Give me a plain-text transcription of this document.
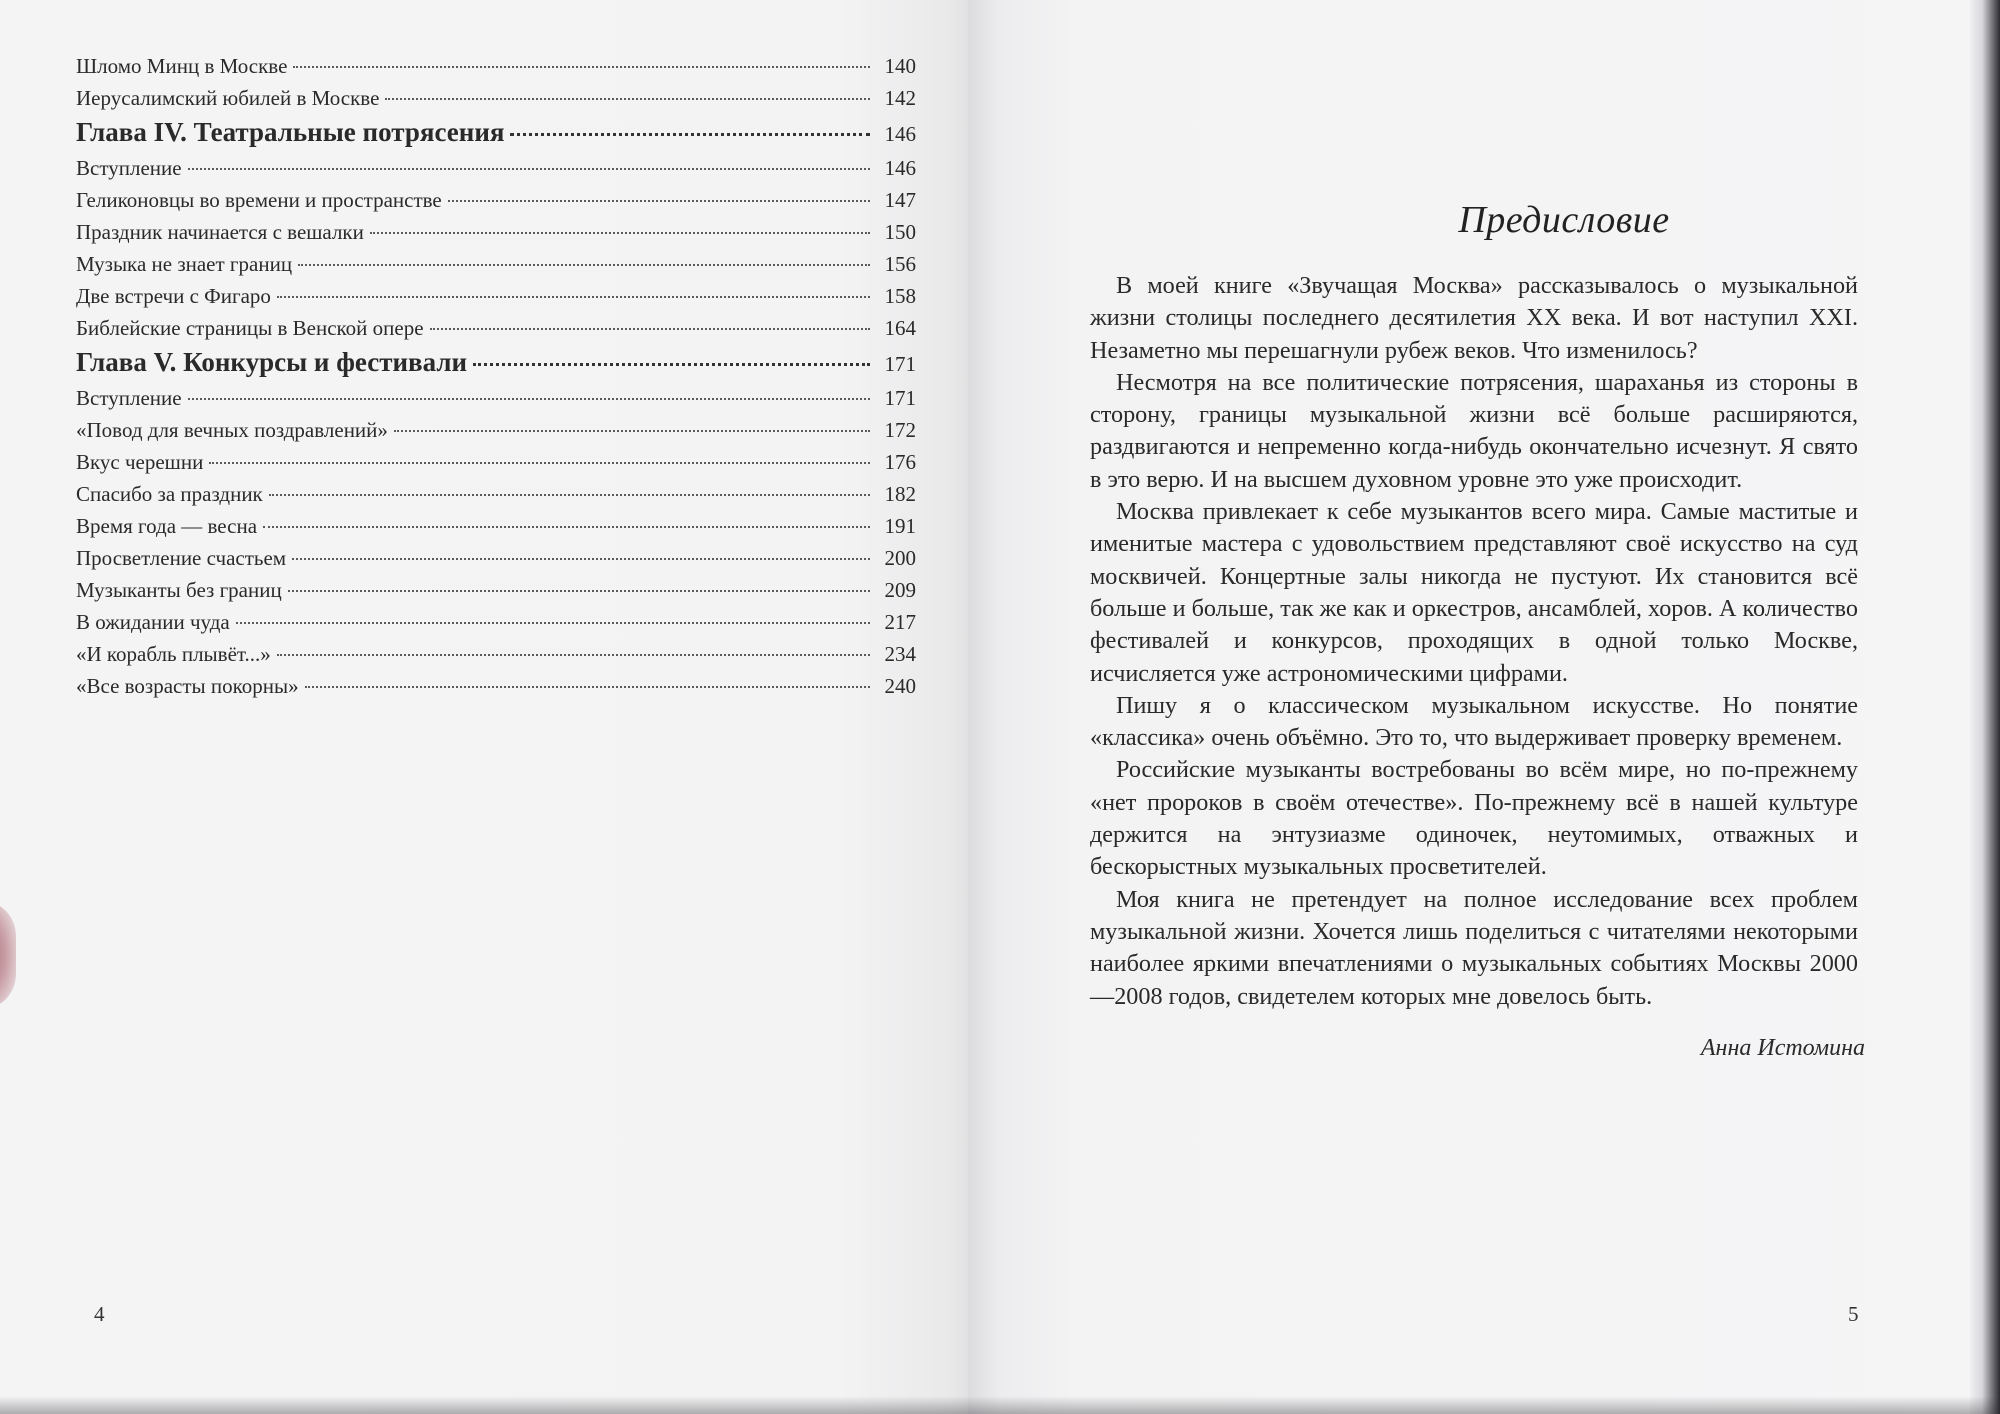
Шломо Минц в Москве	140
Иерусалимский юбилей в Москве	142
Глава IV. Театральные потрясения	146
Вступление	146
Геликоновцы во времени и пространстве	147
Праздник начинается с вешалки	150
Музыка не знает границ	156
Две встречи с Фигаро	158
Библейские страницы в Венской опере	164
Глава V. Конкурсы и фестивали	171
Вступление	171
«Повод для вечных поздравлений»	172
Вкус черешни	176
Спасибо за праздник	182
Время года — весна	191
Просветление счастьем	200
Музыканты без границ	209
В ожидании чуда	217
«И корабль плывёт...»	234
«Все возрасты покорны»	240
4
Предисловие

В моей книге «Звучащая Москва» рассказывалось о музыкальной жизни столицы последнего десятилетия XX века. И вот наступил XXI. Незаметно мы перешагнули рубеж веков. Что изменилось?

Несмотря на все политические потрясения, шараханья из стороны в сторону, границы музыкальной жизни всё больше расширяются, раздвигаются и непременно когда-нибудь окончательно исчезнут. Я свято в это верю. И на высшем духовном уровне это уже происходит.

Москва привлекает к себе музыкантов всего мира. Самые маститые и именитые мастера с удовольствием представляют своё искусство на суд москвичей. Концертные залы никогда не пустуют. Их становится всё больше и больше, так же как и оркестров, ансамблей, хоров. А количество фестивалей и конкурсов, проходящих в одной только Москве, исчисляется уже астрономическими цифрами.

Пишу я о классическом музыкальном искусстве. Но понятие «классика» очень объёмно. Это то, что выдерживает проверку временем.

Российские музыканты востребованы во всём мире, но по-прежнему «нет пророков в своём отечестве». По-прежнему всё в нашей культуре держится на энтузиазме одиночек, неутомимых, отважных и бескорыстных музыкальных просветителей.

Моя книга не претендует на полное исследование всех проблем музыкальной жизни. Хочется лишь поделиться с читателями некоторыми наиболее яркими впечатлениями о музыкальных событиях Москвы 2000—2008 годов, свидетелем которых мне довелось быть.

Анна Истомина
5
